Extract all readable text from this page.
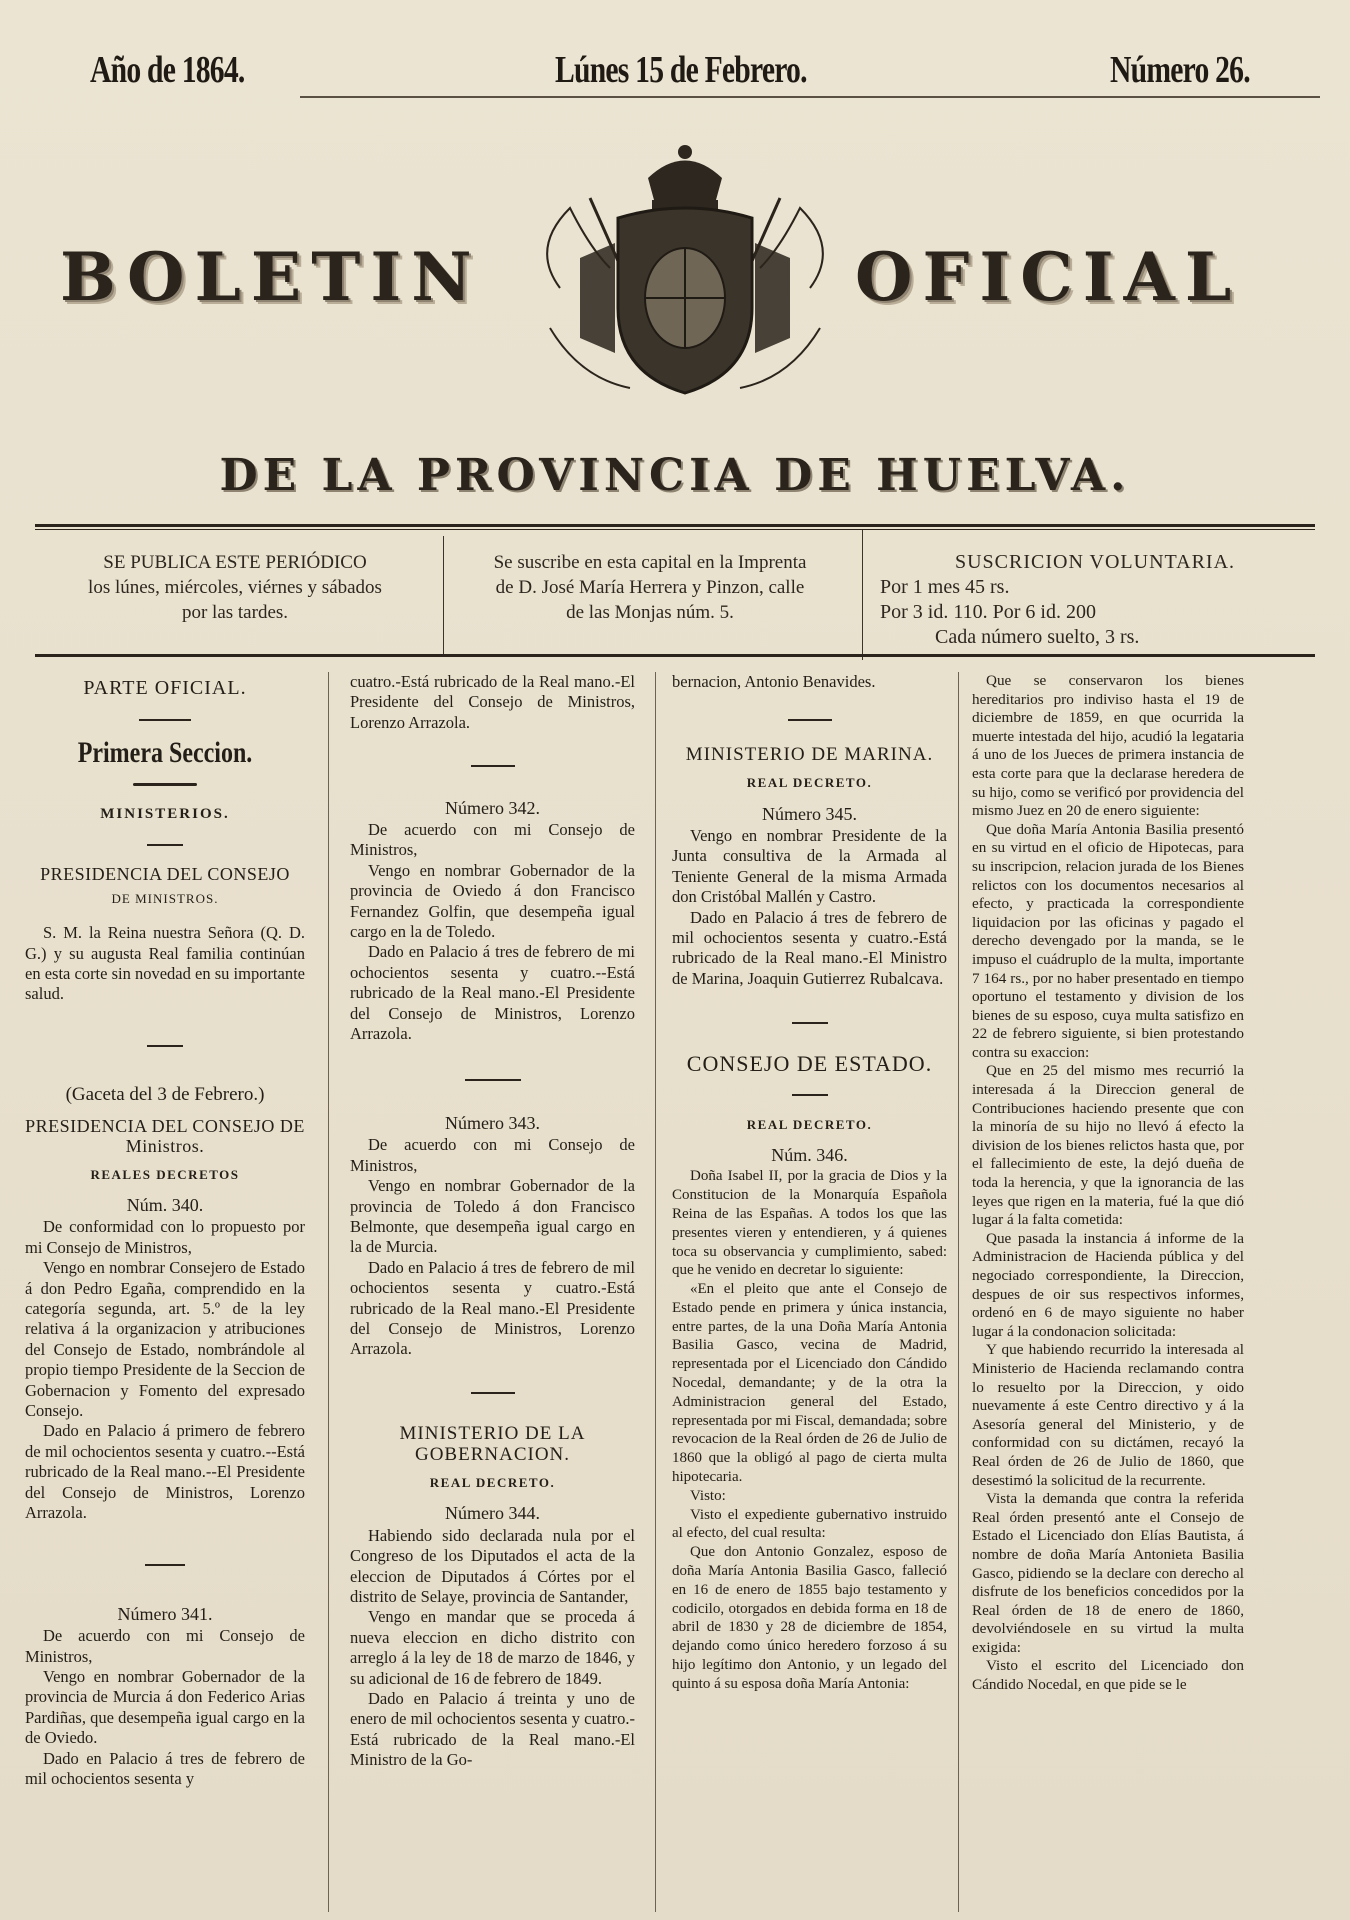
Año de 1864.	Lúnes 15 de Febrero.	Número 26.
BOLETIN	OFICIAL
DE LA PROVINCIA DE HUELVA.
SE PUBLICA ESTE PERIÓDICO
los lúnes, miércoles, viérnes y sábados
por las tardes.
Se suscribe en esta capital en la Imprenta
de D. José María Herrera y Pinzon, calle
de las Monjas núm. 5.
SUSCRICION VOLUNTARIA.
Por 1 mes 45 rs.
Por 3 id. 110. Por 6 id. 200
Cada número suelto, 3 rs.

PARTE OFICIAL.

Primera Seccion.

MINISTERIOS.

PRESIDENCIA DEL CONSEJO

DE MINISTROS.

S. M. la Reina nuestra Señora (Q. D. G.) y su augusta Real familia continúan en esta corte sin novedad en su importante salud.

(Gaceta del 3 de Febrero.)

PRESIDENCIA DEL CONSEJO DE Ministros.

REALES DECRETOS

Núm. 340.

De conformidad con lo propuesto por mi Consejo de Ministros,

Vengo en nombrar Consejero de Estado á don Pedro Egaña, comprendido en la categoría segunda, art. 5.º de la ley relativa á la organizacion y atribuciones del Consejo de Estado, nombrándole al propio tiempo Presidente de la Seccion de Gobernacion y Fomento del expresado Consejo.

Dado en Palacio á primero de febrero de mil ochocientos sesenta y cuatro.--Está rubricado de la Real mano.--El Presidente del Consejo de Ministros, Lorenzo Arrazola.

Número 341.

De acuerdo con mi Consejo de Ministros,

Vengo en nombrar Gobernador de la provincia de Murcia á don Federico Arias Pardiñas, que desempeña igual cargo en la de Oviedo.

Dado en Palacio á tres de febrero de mil ochocientos sesenta y

cuatro.-Está rubricado de la Real mano.-El Presidente del Consejo de Ministros, Lorenzo Arrazola.

Número 342.

De acuerdo con mi Consejo de Ministros,

Vengo en nombrar Gobernador de la provincia de Oviedo á don Francisco Fernandez Golfin, que desempeña igual cargo en la de Toledo.

Dado en Palacio á tres de febrero de mi ochocientos sesenta y cuatro.--Está rubricado de la Real mano.-El Presidente del Consejo de Ministros, Lorenzo Arrazola.

Número 343.

De acuerdo con mi Consejo de Ministros,

Vengo en nombrar Gobernador de la provincia de Toledo á don Francisco Belmonte, que desempeña igual cargo en la de Murcia.

Dado en Palacio á tres de febrero de mil ochocientos sesenta y cuatro.-Está rubricado de la Real mano.-El Presidente del Consejo de Ministros, Lorenzo Arrazola.

MINISTERIO DE LA GOBERNACION.

REAL DECRETO.

Número 344.

Habiendo sido declarada nula por el Congreso de los Diputados el acta de la eleccion de Diputados á Córtes por el distrito de Selaye, provincia de Santander,

Vengo en mandar que se proceda á nueva eleccion en dicho distrito con arreglo á la ley de 18 de marzo de 1846, y su adicional de 16 de febrero de 1849.

Dado en Palacio á treinta y uno de enero de mil ochocientos sesenta y cuatro.-Está rubricado de la Real mano.-El Ministro de la Go-

bernacion, Antonio Benavides.

MINISTERIO DE MARINA.

REAL DECRETO.

Número 345.

Vengo en nombrar Presidente de la Junta consultiva de la Armada al Teniente General de la misma Armada don Cristóbal Mallén y Castro.

Dado en Palacio á tres de febrero de mil ochocientos sesenta y cuatro.-Está rubricado de la Real mano.-El Ministro de Marina, Joaquin Gutierrez Rubalcava.

CONSEJO DE ESTADO.

REAL DECRETO.

Núm. 346.

Doña Isabel II, por la gracia de Dios y la Constitucion de la Monarquía Española Reina de las Españas. A todos los que las presentes vieren y entendieren, y á quienes toca su observancia y cumplimiento, sabed: que he venido en decretar lo siguiente:

«En el pleito que ante el Consejo de Estado pende en primera y única instancia, entre partes, de la una Doña María Antonia Basilia Gasco, vecina de Madrid, representada por el Licenciado don Cándido Nocedal, demandante; y de la otra la Administracion general del Estado, representada por mi Fiscal, demandada; sobre revocacion de la Real órden de 26 de Julio de 1860 que la obligó al pago de cierta multa hipotecaria.

Visto:

Visto el expediente gubernativo instruido al efecto, del cual resulta:

Que don Antonio Gonzalez, esposo de doña María Antonia Basilia Gasco, falleció en 16 de enero de 1855 bajo testamento y codicilo, otorgados en debida forma en 18 de abril de 1830 y 28 de diciembre de 1854, dejando como único heredero forzoso á su hijo legítimo don Antonio, y un legado del quinto á su esposa doña María Antonia:

Que se conservaron los bienes hereditarios pro indiviso hasta el 19 de diciembre de 1859, en que ocurrida la muerte intestada del hijo, acudió la legataria á uno de los Jueces de primera instancia de esta corte para que la declarase heredera de su hijo, como se verificó por providencia del mismo Juez en 20 de enero siguiente:

Que doña María Antonia Basilia presentó en su virtud en el oficio de Hipotecas, para su inscripcion, relacion jurada de los Bienes relictos con los documentos necesarios al efecto, y practicada la correspondiente liquidacion por las oficinas y pagado el derecho devengado por la manda, se le impuso el cuádruplo de la multa, importante 7 164 rs., por no haber presentado en tiempo oportuno el testamento y division de los bienes de su esposo, cuya multa satisfizo en 22 de febrero siguiente, si bien protestando contra su exaccion:

Que en 25 del mismo mes recurrió la interesada á la Direccion general de Contribuciones haciendo presente que con la minoría de su hijo no llevó á efecto la division de los bienes relictos hasta que, por el fallecimiento de este, la dejó dueña de toda la herencia, y que la ignorancia de las leyes que rigen en la materia, fué la que dió lugar á la falta cometida:

Que pasada la instancia á informe de la Administracion de Hacienda pública y del negociado correspondiente, la Direccion, despues de oir sus respectivos informes, ordenó en 6 de mayo siguiente no haber lugar á la condonacion solicitada:

Y que habiendo recurrido la interesada al Ministerio de Hacienda reclamando contra lo resuelto por la Direccion, y oido nuevamente á este Centro directivo y á la Asesoría general del Ministerio, y de conformidad con su dictámen, recayó la Real órden de 26 de Julio de 1860, que desestimó la solicitud de la recurrente.

Vista la demanda que contra la referida Real órden presentó ante el Consejo de Estado el Licenciado don Elías Bautista, á nombre de doña María Antonieta Basilia Gasco, pidiendo se la declare con derecho al disfrute de los beneficios concedidos por la Real órden de 18 de enero de 1860, devolviéndosele en su virtud la multa exigida:

Visto el escrito del Licenciado don Cándido Nocedal, en que pide se le
